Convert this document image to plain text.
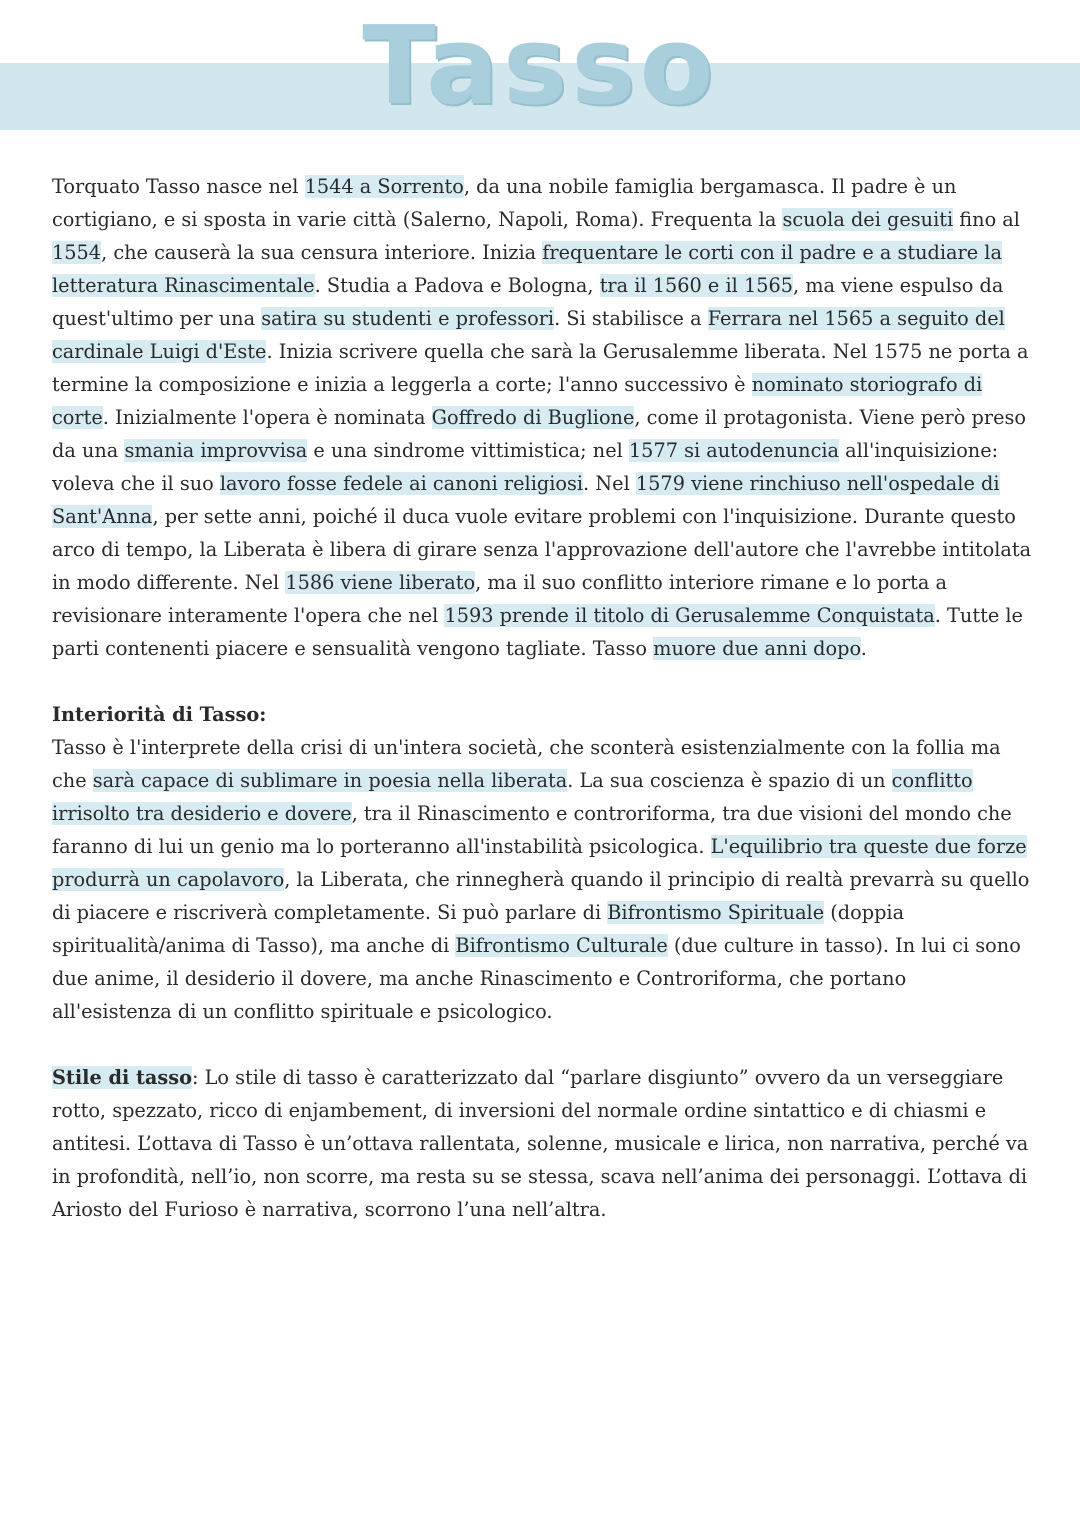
Tasso

Torquato Tasso nasce nel 1544 a Sorrento, da una nobile famiglia bergamasca. Il padre è un cortigiano, e si sposta in varie città (Salerno, Napoli, Roma). Frequenta la scuola dei gesuiti fino al 1554, che causerà la sua censura interiore. Inizia frequentare le corti con il padre e a studiare la letteratura Rinascimentale. Studia a Padova e Bologna, tra il 1560 e il 1565, ma viene espulso da quest'ultimo per una satira su studenti e professori. Si stabilisce a Ferrara nel 1565 a seguito del cardinale Luigi d'Este. Inizia scrivere quella che sarà la Gerusalemme liberata. Nel 1575 ne porta a termine la composizione e inizia a leggerla a corte; l'anno successivo è nominato storiografo di corte. Inizialmente l'opera è nominata Goffredo di Buglione, come il protagonista. Viene però preso da una smania improvvisa e una sindrome vittimistica; nel 1577 si autodenuncia all'inquisizione: voleva che il suo lavoro fosse fedele ai canoni religiosi. Nel 1579 viene rinchiuso nell'ospedale di Sant'Anna, per sette anni, poiché il duca vuole evitare problemi con l'inquisizione. Durante questo arco di tempo, la Liberata è libera di girare senza l'approvazione dell'autore che l'avrebbe intitolata in modo differente. Nel 1586 viene liberato, ma il suo conflitto interiore rimane e lo porta a revisionare interamente l'opera che nel 1593 prende il titolo di Gerusalemme Conquistata. Tutte le parti contenenti piacere e sensualità vengono tagliate. Tasso muore due anni dopo.

Interiorità di Tasso:

Tasso è l'interprete della crisi di un'intera società, che sconterà esistenzialmente con la follia ma che sarà capace di sublimare in poesia nella liberata. La sua coscienza è spazio di un conflitto irrisolto tra desiderio e dovere, tra il Rinascimento e controriforma, tra due visioni del mondo che faranno di lui un genio ma lo porteranno all'instabilità psicologica. L'equilibrio tra queste due forze produrrà un capolavoro, la Liberata, che rinnegherà quando il principio di realtà prevarrà su quello di piacere e riscriverà completamente. Si può parlare di Bifrontismo Spirituale (doppia spiritualità/anima di Tasso), ma anche di Bifrontismo Culturale (due culture in tasso). In lui ci sono due anime, il desiderio il dovere, ma anche Rinascimento e Controriforma, che portano all'esistenza di un conflitto spirituale e psicologico.

Stile di tasso: Lo stile di tasso è caratterizzato dal “parlare disgiunto” ovvero da un verseggiare rotto, spezzato, ricco di enjambement, di inversioni del normale ordine sintattico e di chiasmi e antitesi. L’ottava di Tasso è un’ottava rallentata, solenne, musicale e lirica, non narrativa, perché va in profondità, nell’io, non scorre, ma resta su se stessa, scava nell’anima dei personaggi. L’ottava di Ariosto del Furioso è narrativa, scorrono l’una nell’altra.
